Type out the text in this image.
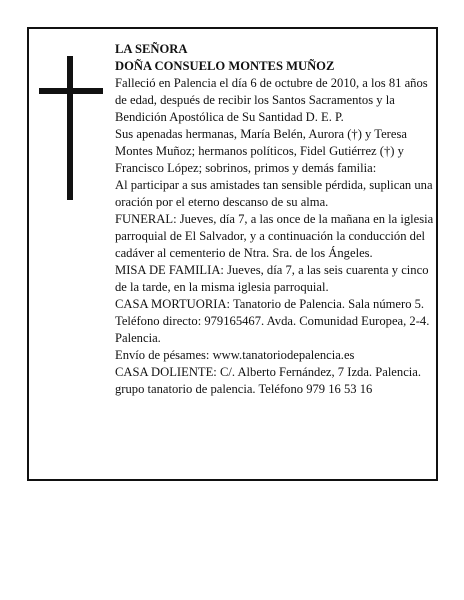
LA SEÑORA

DOÑA CONSUELO MONTES MUÑOZ

Falleció en Palencia el día 6 de octubre de 2010, a los 81 años de edad, después de recibir los Santos Sacramentos y la Bendición Apostólica de Su Santidad D. E. P.

Sus apenadas hermanas, María Belén, Aurora (†) y Teresa Montes Muñoz; hermanos políticos, Fidel Gutiérrez (†) y Francisco López; sobrinos, primos y demás familia:

Al participar a sus amistades tan sensible pérdida, suplican una oración por el eterno descanso de su alma.

FUNERAL: Jueves, día 7, a las once de la mañana en la iglesia parroquial de El Salvador, y a continuación la conducción del cadáver al cementerio de Ntra. Sra. de los Ángeles.

MISA DE FAMILIA: Jueves, día 7, a las seis cuarenta y cinco de la tarde, en la misma iglesia parroquial.

CASA MORTUORIA: Tanatorio de Palencia. Sala número 5. Teléfono directo: 979165467. Avda. Comunidad Europea, 2-4. Palencia.

Envío de pésames: www.tanatoriodepalencia.es

CASA DOLIENTE: C/. Alberto Fernández, 7 Izda. Palencia.

grupo tanatorio de palencia. Teléfono 979 16 53 16
